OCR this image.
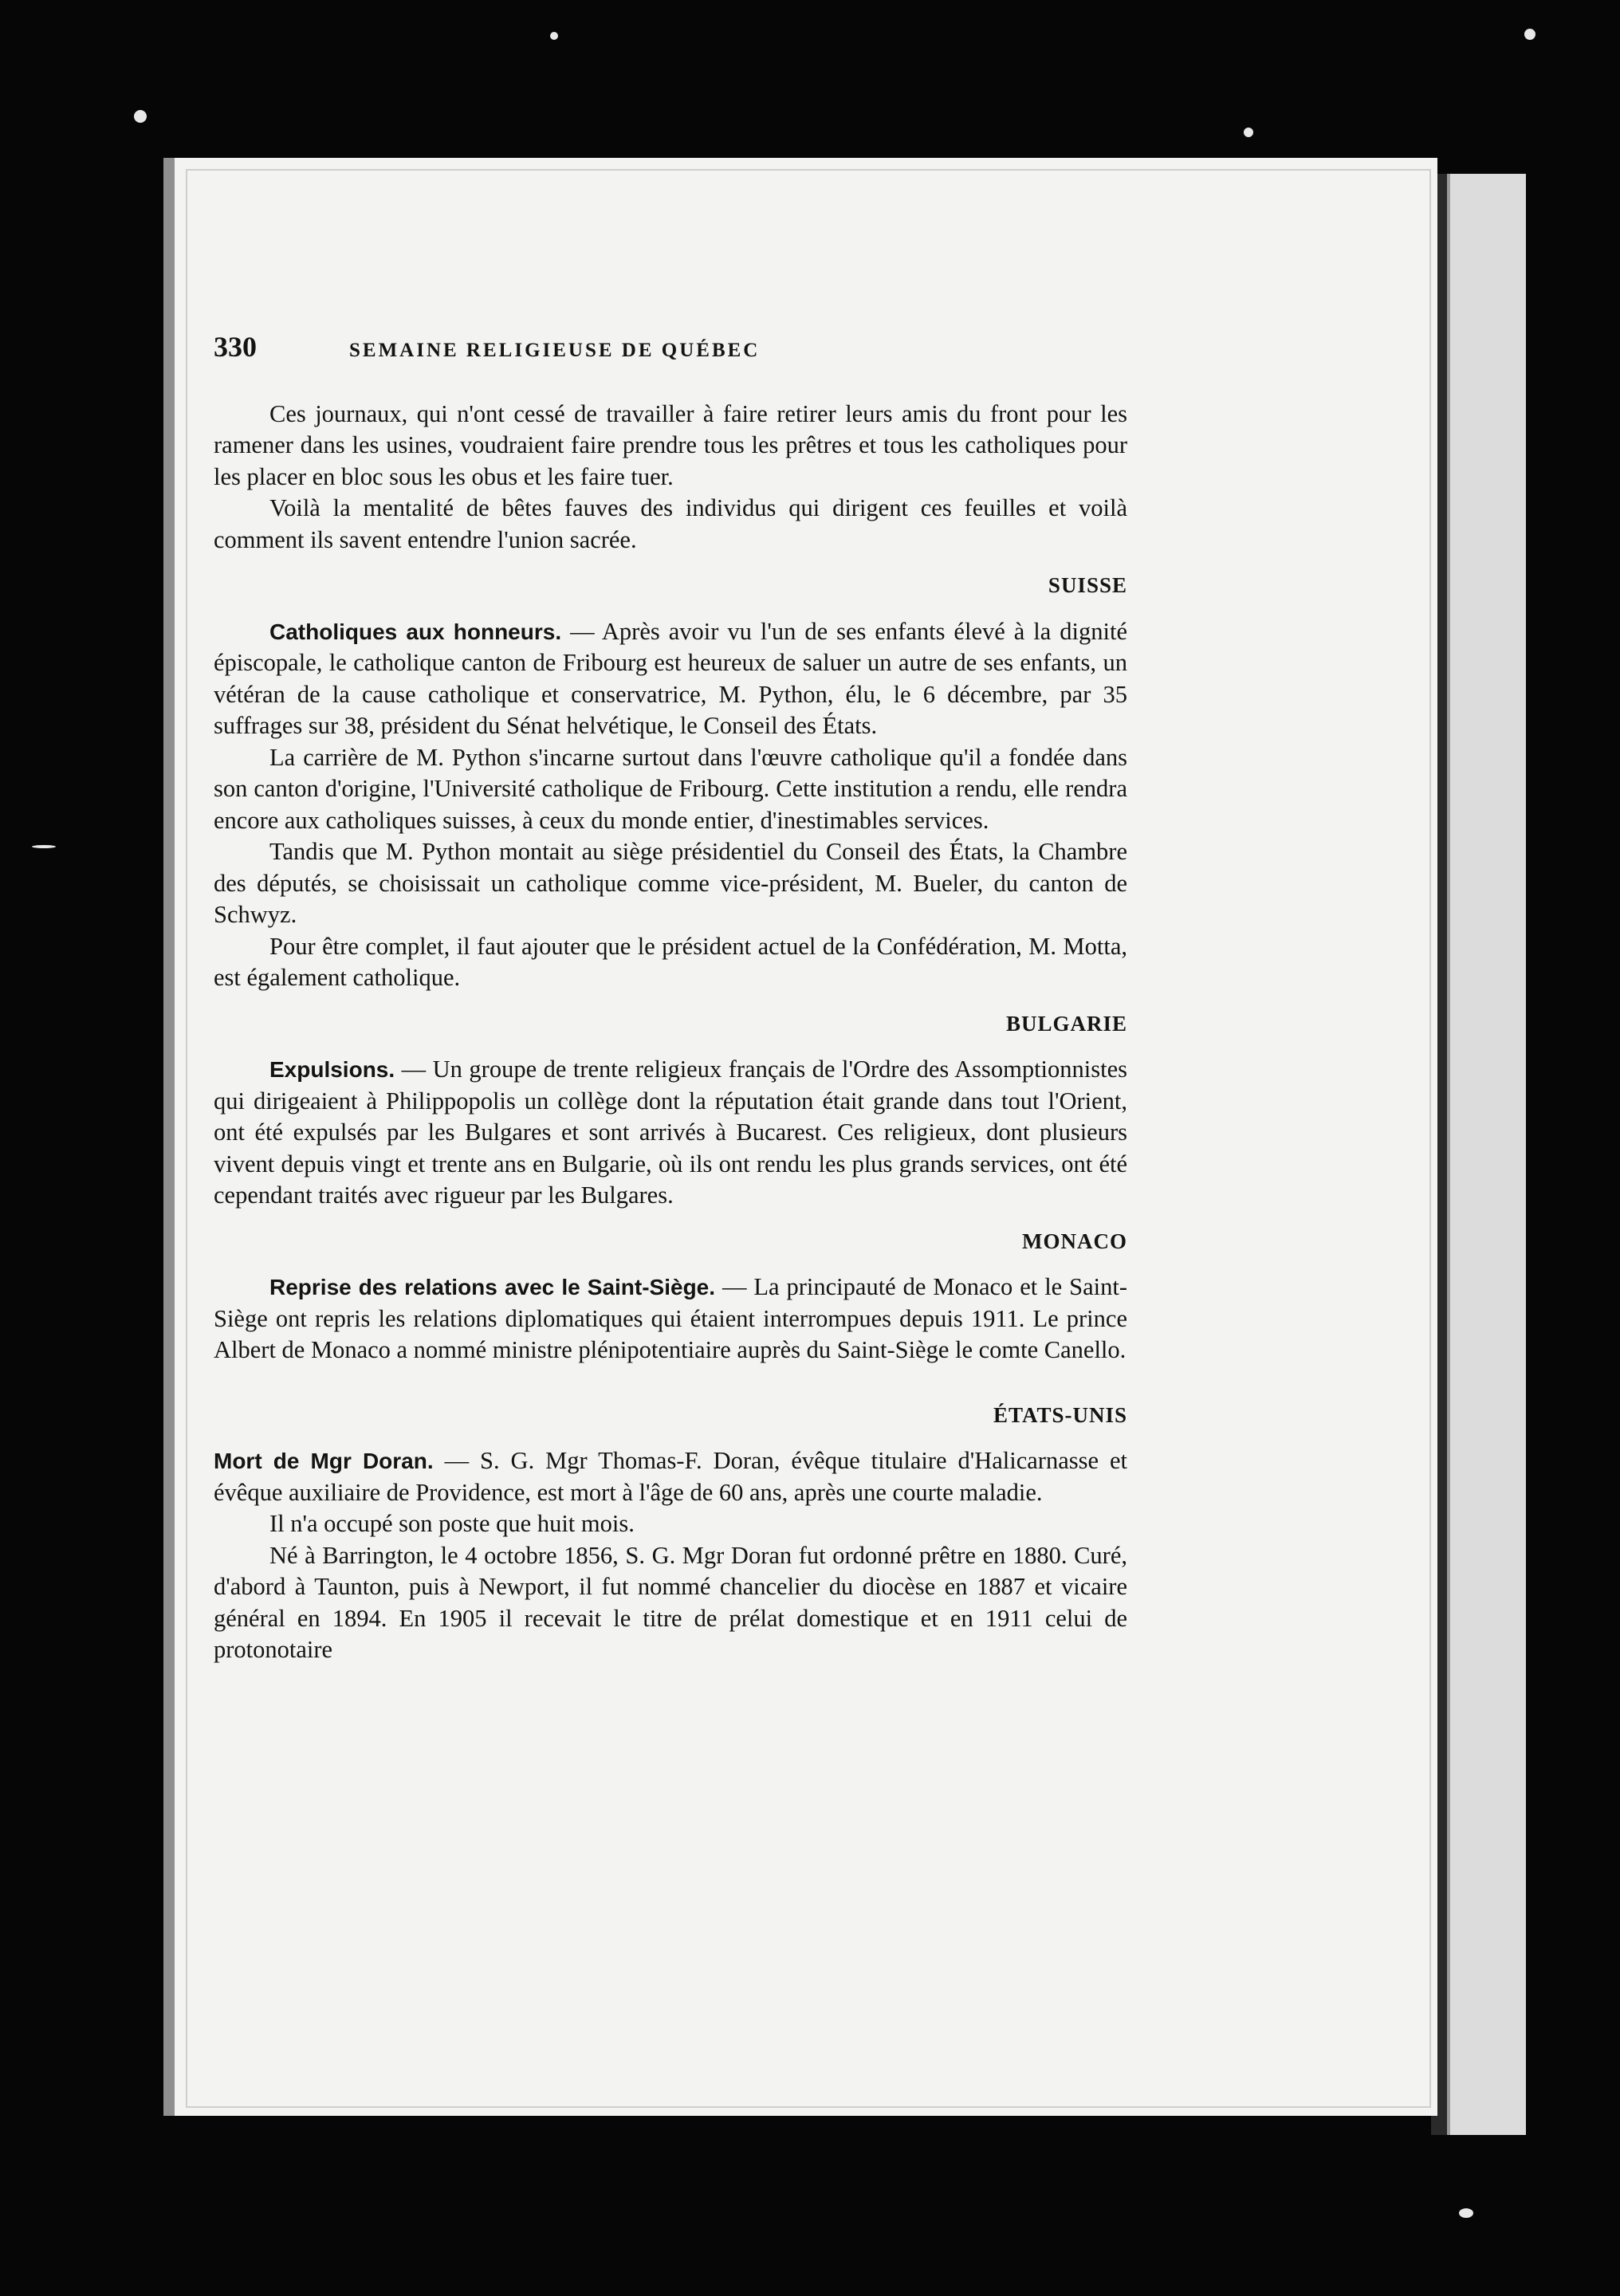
330	SEMAINE RELIGIEUSE DE QUÉBEC

Ces journaux, qui n'ont cessé de travailler à faire retirer leurs amis du front pour les ramener dans les usines, voudraient faire prendre tous les prêtres et tous les catholiques pour les placer en bloc sous les obus et les faire tuer.

Voilà la mentalité de bêtes fauves des individus qui dirigent ces feuilles et voilà comment ils savent entendre l'union sacrée.

SUISSE

Catholiques aux honneurs. — Après avoir vu l'un de ses enfants élevé à la dignité épiscopale, le catholique canton de Fribourg est heureux de saluer un autre de ses enfants, un vétéran de la cause catholique et conservatrice, M. Python, élu, le 6 décembre, par 35 suffrages sur 38, président du Sénat helvétique, le Conseil des États.

La carrière de M. Python s'incarne surtout dans l'œuvre catholique qu'il a fondée dans son canton d'origine, l'Université catholique de Fribourg. Cette institution a rendu, elle rendra encore aux catholiques suisses, à ceux du monde entier, d'inestimables services.

Tandis que M. Python montait au siège présidentiel du Conseil des États, la Chambre des députés, se choisissait un catholique comme vice-président, M. Bueler, du canton de Schwyz.

Pour être complet, il faut ajouter que le président actuel de la Confédération, M. Motta, est également catholique.

BULGARIE

Expulsions. — Un groupe de trente religieux français de l'Ordre des Assomptionnistes qui dirigeaient à Philippopolis un collège dont la réputation était grande dans tout l'Orient, ont été expulsés par les Bulgares et sont arrivés à Bucarest. Ces religieux, dont plusieurs vivent depuis vingt et trente ans en Bulgarie, où ils ont rendu les plus grands services, ont été cependant traités avec rigueur par les Bulgares.

MONACO

Reprise des relations avec le Saint-Siège. — La principauté de Monaco et le Saint-Siège ont repris les relations diplomatiques qui étaient interrompues depuis 1911. Le prince Albert de Monaco a nommé ministre plénipotentiaire auprès du Saint-Siège le comte Canello.

ÉTATS-UNIS

Mort de Mgr Doran. — S. G. Mgr Thomas-F. Doran, évêque titulaire d'Halicarnasse et évêque auxiliaire de Providence, est mort à l'âge de 60 ans, après une courte maladie.

Il n'a occupé son poste que huit mois.

Né à Barrington, le 4 octobre 1856, S. G. Mgr Doran fut ordonné prêtre en 1880. Curé, d'abord à Taunton, puis à Newport, il fut nommé chancelier du diocèse en 1887 et vicaire général en 1894. En 1905 il recevait le titre de prélat domestique et en 1911 celui de protonotaire
